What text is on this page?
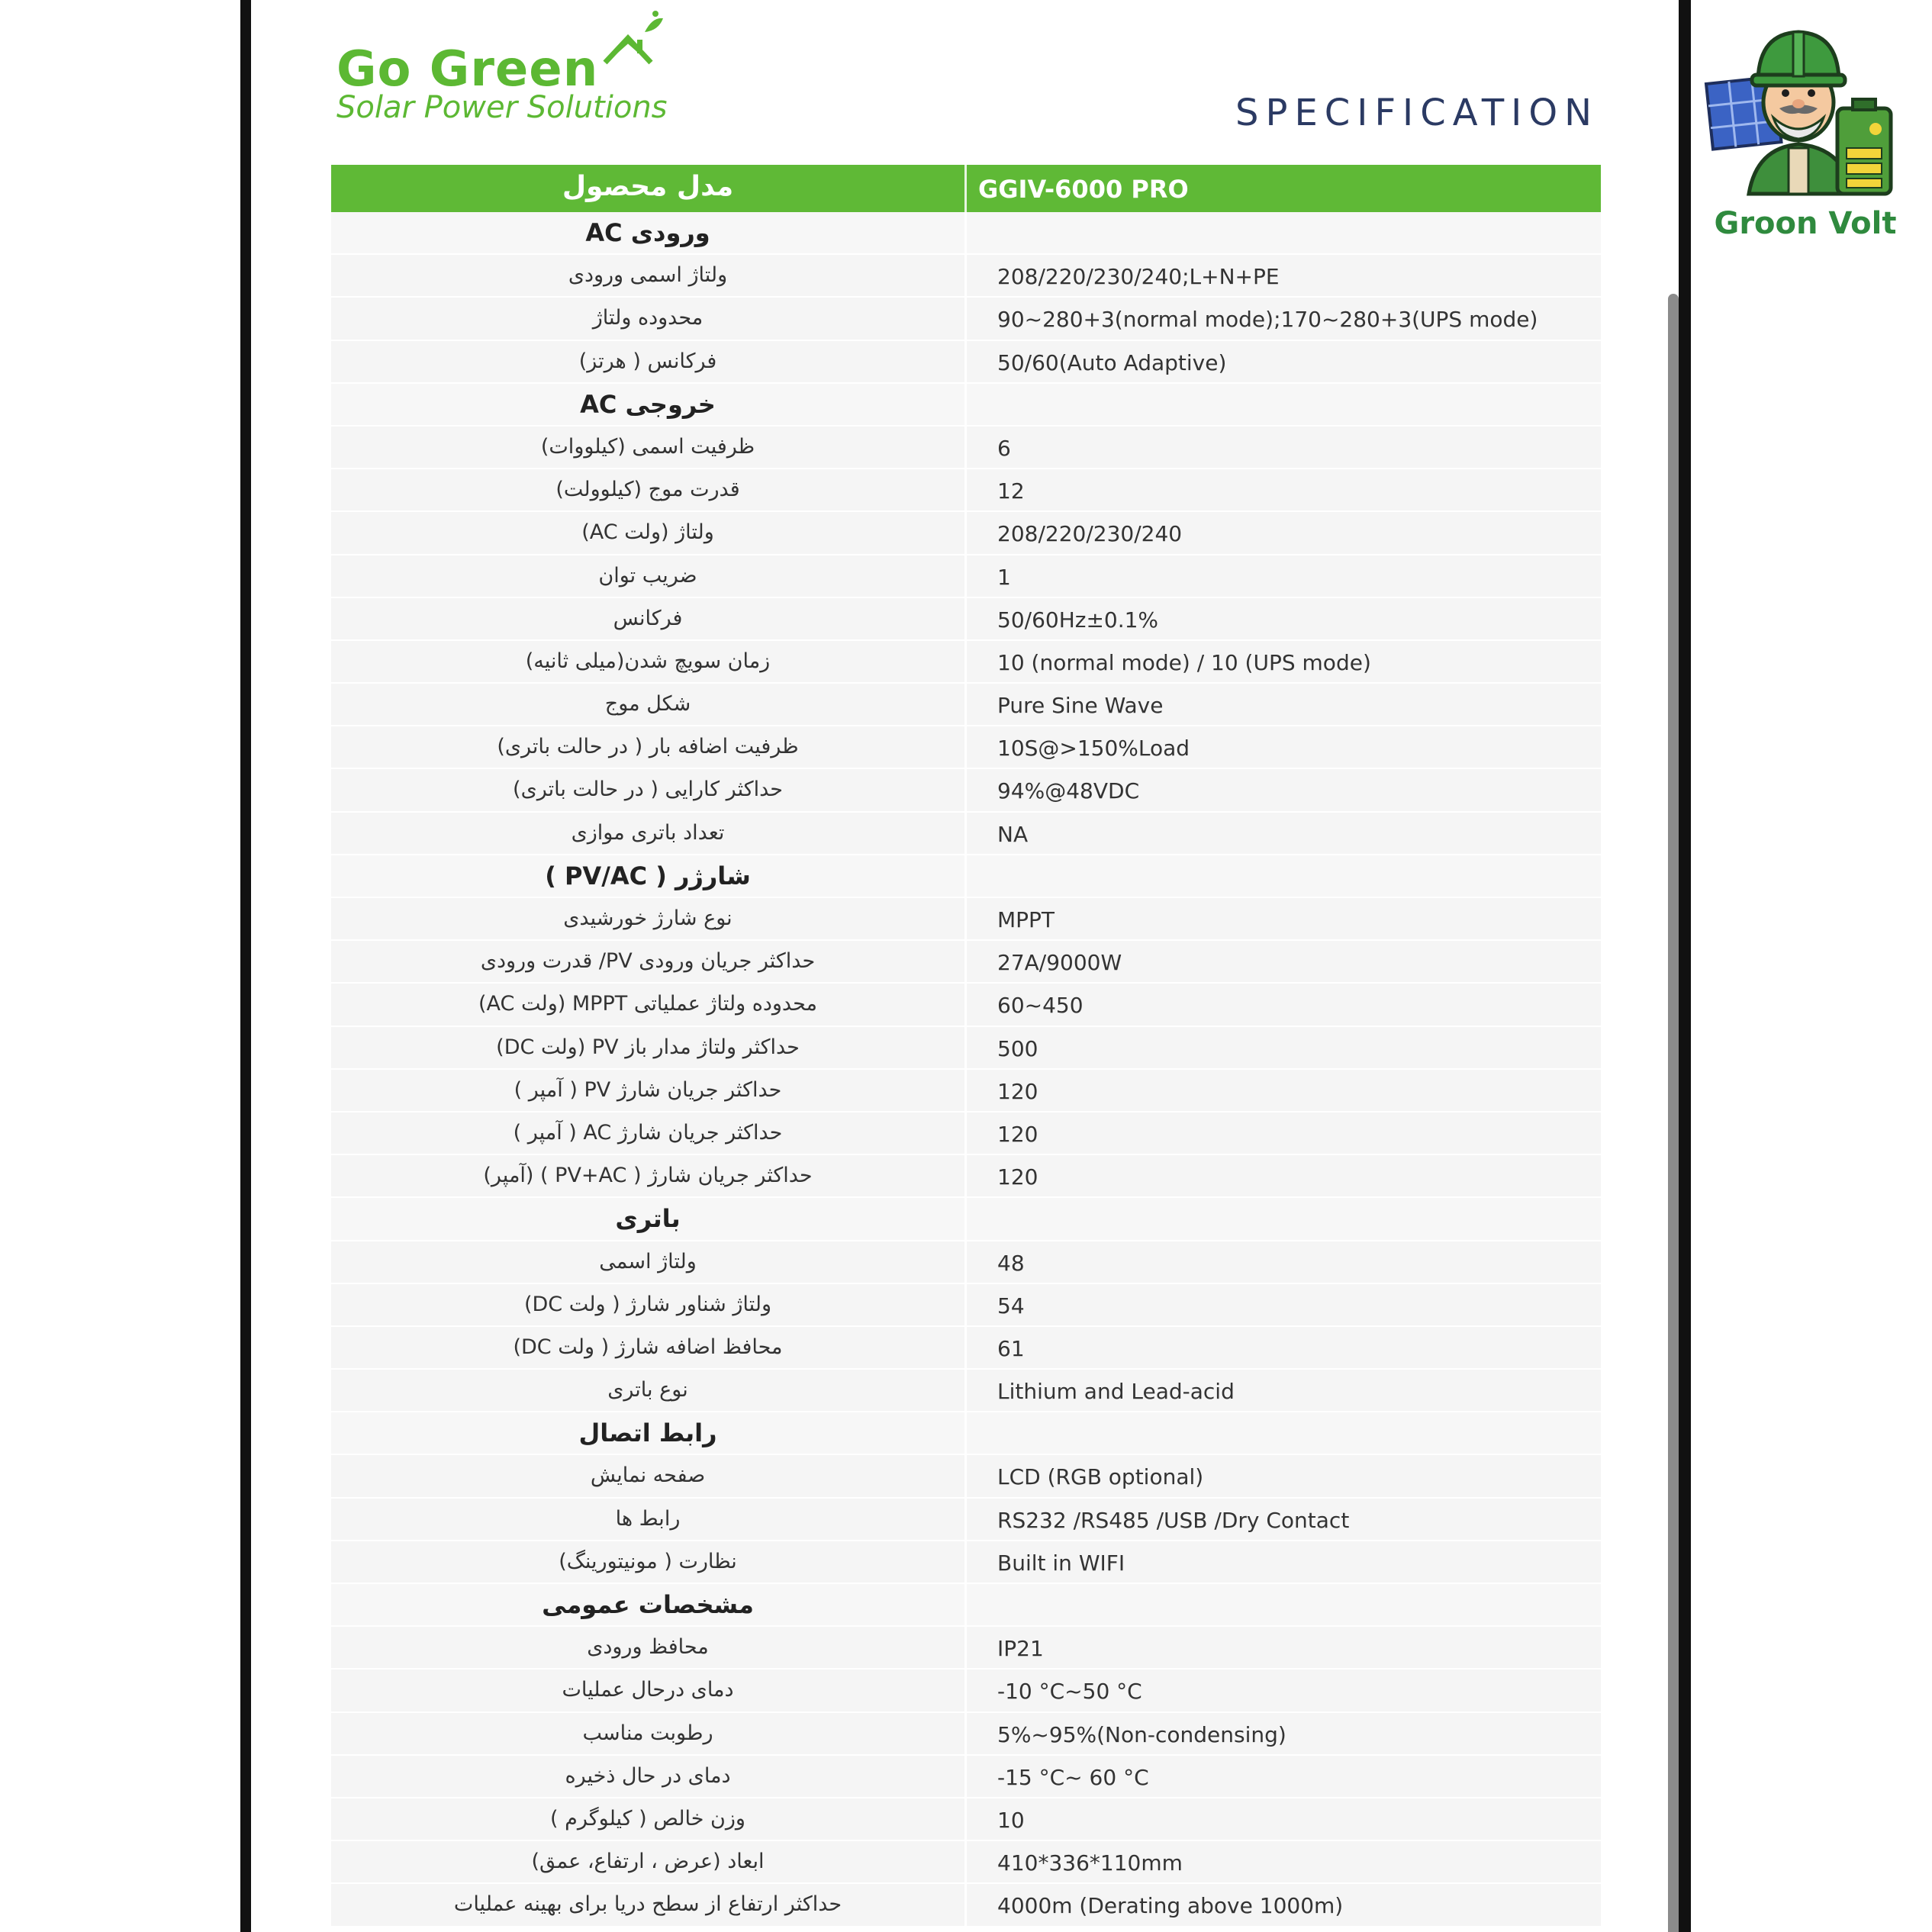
Go Green
Solar Power Solutions	SPECIFICATION
مدل محصول	GGIV-6000 PRO
ورودی AC
ولتاژ اسمی ورودی	208/220/230/240;L+N+PE
محدوده ولتاژ	90~280+3(normal mode);170~280+3(UPS mode)
فرکانس ( هرتز)	50/60(Auto Adaptive)
خروجی AC
ظرفیت اسمی (کیلووات)	6
قدرت موج (کیلوولت)	12
ولتاژ (ولت AC)	208/220/230/240
ضریب توان	1
فرکانس	50/60Hz±0.1%
زمان سویچ شدن(میلی ثانیه)	10 (normal mode) / 10 (UPS mode)
شکل موج	Pure Sine Wave
ظرفیت اضافه بار ( در حالت باتری)	10S@>150%Load
حداکثر کارایی ( در حالت باتری)	94%@48VDC
تعداد باتری موازی	NA
شارژر ( PV/AC )
نوع شارژ خورشیدی	MPPT
حداکثر جریان ورودی PV/ قدرت ورودی	27A/9000W
محدوده ولتاژ عملیاتی MPPT (ولت AC)	60~450
حداکثر ولتاژ مدار باز PV (ولت DC)	500
حداکثر جریان شارژ PV ( آمپر )	120
حداکثر جریان شارژ AC ( آمپر )	120
حداکثر جریان شارژ ( PV+AC ) (آمپر)	120
باتری
ولتاژ اسمی	48
ولتاژ شناور شارژ ( ولت DC)	54
محافظ اضافه شارژ ( ولت DC)	61
نوع باتری	Lithium and Lead-acid
رابط اتصال
صفحه نمایش	LCD (RGB optional)
رابط ها	RS232 /RS485 /USB /Dry Contact
نظارت ( مونیتورینگ)	Built in WIFI
مشخصات عمومی
محافظ ورودی	IP21
دمای درحال عملیات	-10 °C~50 °C
رطوبت مناسب	5%~95%(Non-condensing)
دمای در حال ذخیره	-15 °C~ 60 °C
وزن خالص ( کیلوگرم )	10
ابعاد (عرض ، ارتفاع، عمق)	410*336*110mm
حداکثر ارتفاع از سطح دریا برای بهینه عملیات	4000m (Derating above 1000m)
Groon Volt
